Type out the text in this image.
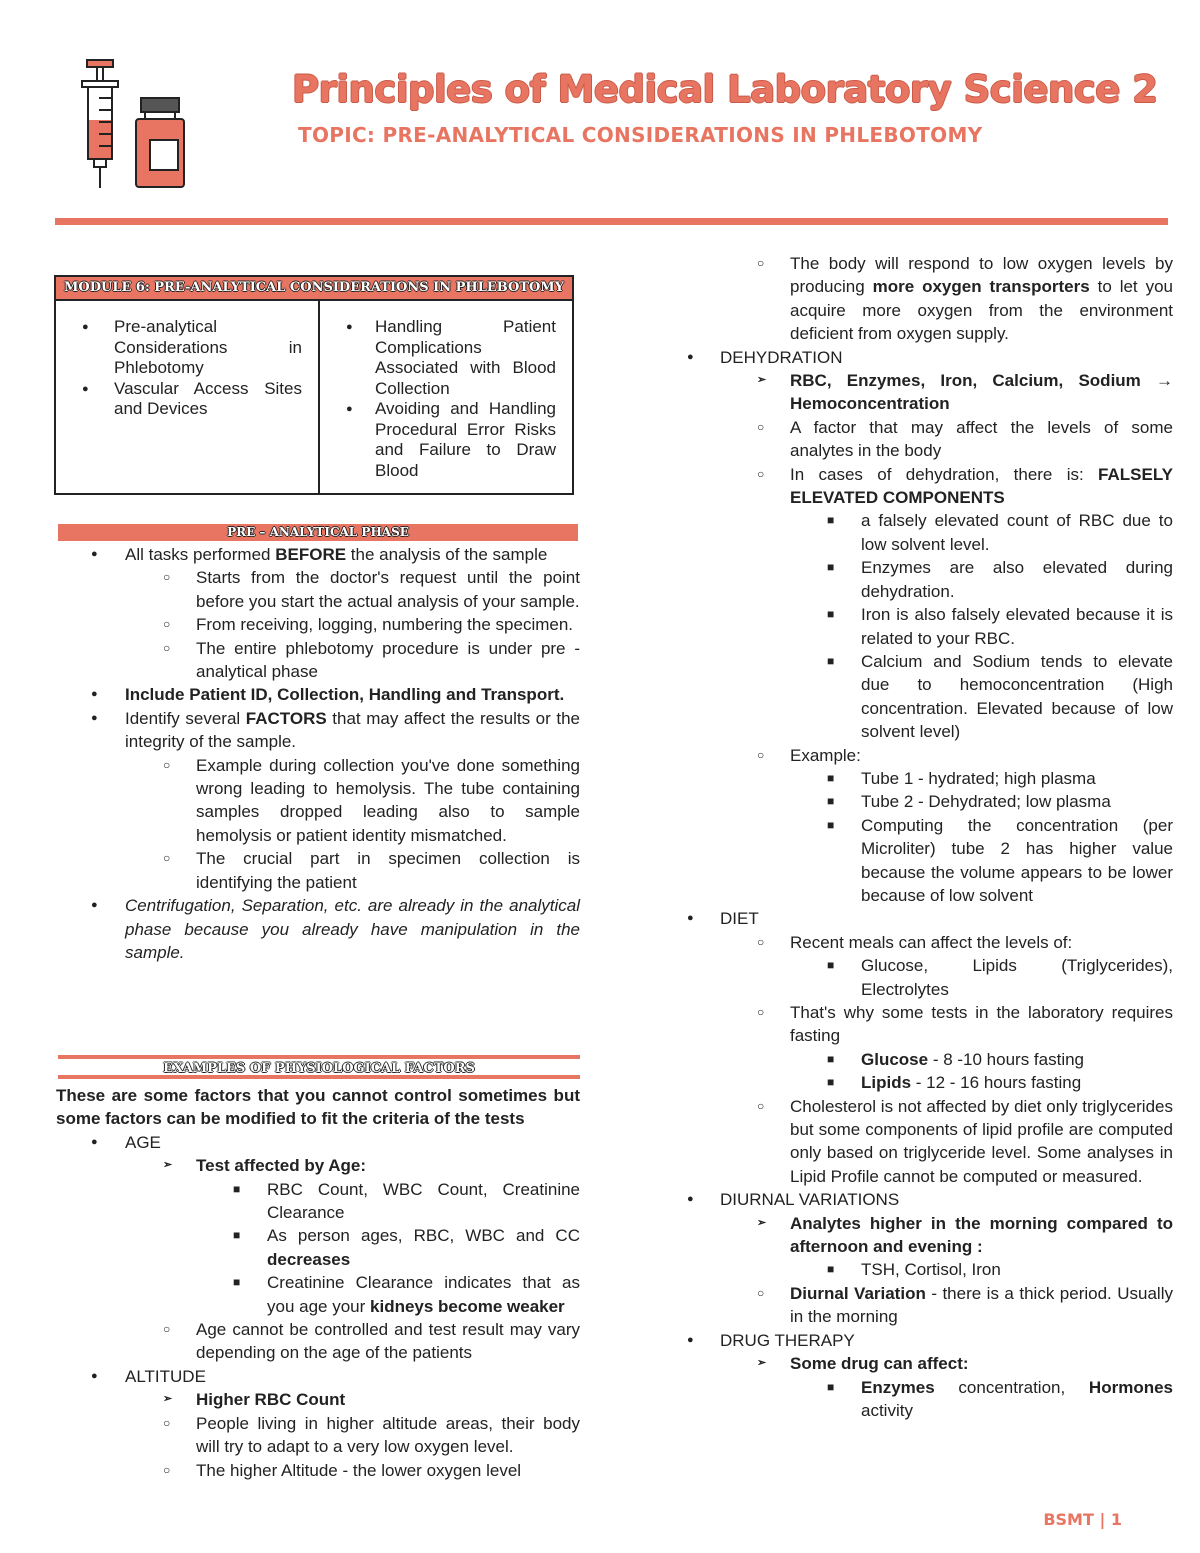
Principles of Medical Laboratory Science 2
TOPIC: PRE-ANALYTICAL CONSIDERATIONS IN PHLEBOTOMY
MODULE 6: PRE-ANALYTICAL CONSIDERATIONS IN PHLEBOTOMY
● Pre-analytical Considerations in Phlebotomy
● Vascular Access Sites and Devices
● Handling Patient Complications Associated with Blood Collection
● Avoiding and Handling Procedural Error Risks and Failure to Draw Blood
PRE – ANALYTICAL PHASE
● All tasks performed BEFORE the analysis of the sample
○ Starts from the doctor's request until the point before you start the actual analysis of your sample.
○ From receiving, logging, numbering the specimen.
○ The entire phlebotomy procedure is under pre - analytical phase
● Include Patient ID, Collection, Handling and Transport.
● Identify several FACTORS that may affect the results or the integrity of the sample.
○ Example during collection you've done something wrong leading to hemolysis. The tube containing samples dropped leading also to sample hemolysis or patient identity mismatched.
○ The crucial part in specimen collection is identifying the patient
● Centrifugation, Separation, etc. are already in the analytical phase because you already have manipulation in the sample.
EXAMPLES OF PHYSIOLOGICAL FACTORS
These are some factors that you cannot control sometimes but some factors can be modified to fit the criteria of the tests
● AGE
➢ Test affected by Age:
■ RBC Count, WBC Count, Creatinine Clearance
■ As person ages, RBC, WBC and CC decreases
■ Creatinine Clearance indicates that as you age your kidneys become weaker
○ Age cannot be controlled and test result may vary depending on the age of the patients
● ALTITUDE
➢ Higher RBC Count
○ People living in higher altitude areas, their body will try to adapt to a very low oxygen level.
○ The higher Altitude - the lower oxygen level
○ The body will respond to low oxygen levels by producing more oxygen transporters to let you acquire more oxygen from the environment deficient from oxygen supply.
● DEHYDRATION
➢ RBC, Enzymes, Iron, Calcium, Sodium → Hemoconcentration
○ A factor that may affect the levels of some analytes in the body
○ In cases of dehydration, there is: FALSELY ELEVATED COMPONENTS
■ a falsely elevated count of RBC due to low solvent level.
■ Enzymes are also elevated during dehydration.
■ Iron is also falsely elevated because it is related to your RBC.
■ Calcium and Sodium tends to elevate due to hemoconcentration (High concentration. Elevated because of low solvent level)
○ Example:
■ Tube 1 - hydrated; high plasma
■ Tube 2 - Dehydrated; low plasma
■ Computing the concentration (per Microliter) tube 2 has higher value because the volume appears to be lower because of low solvent
● DIET
○ Recent meals can affect the levels of:
■ Glucose, Lipids (Triglycerides), Electrolytes
○ That's why some tests in the laboratory requires fasting
■ Glucose - 8 -10 hours fasting
■ Lipids - 12 - 16 hours fasting
○ Cholesterol is not affected by diet only triglycerides but some components of lipid profile are computed only based on triglyceride level. Some analyses in Lipid Profile cannot be computed or measured.
● DIURNAL VARIATIONS
➢ Analytes higher in the morning compared to afternoon and evening :
■ TSH, Cortisol, Iron
○ Diurnal Variation - there is a thick period. Usually in the morning
● DRUG THERAPY
➢ Some drug can affect:
■ Enzymes concentration, Hormones activity
BSMT | 1
